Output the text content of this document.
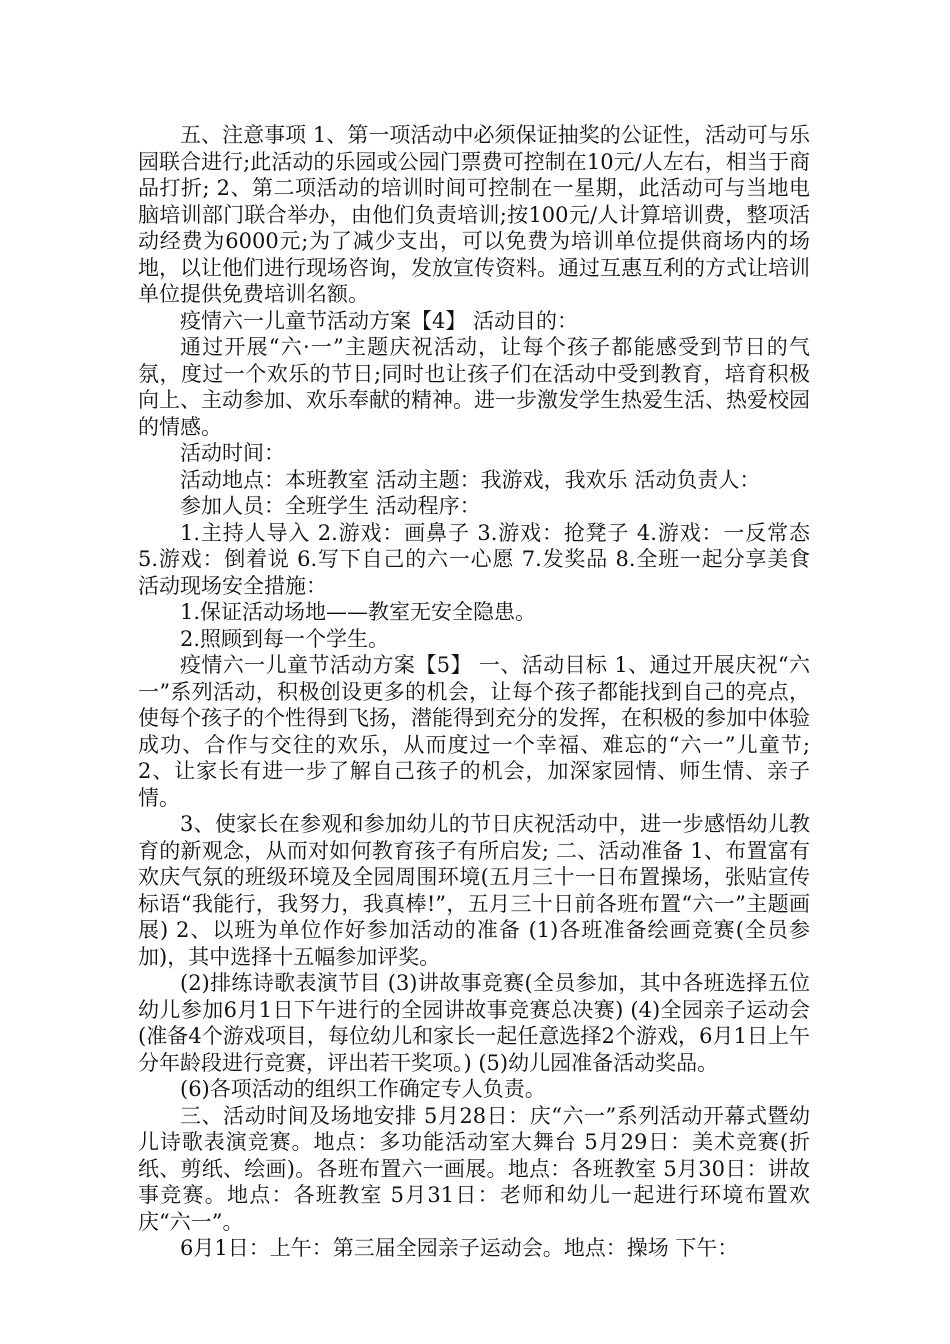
五、注意事项 1、第一项活动中必须保证抽奖的公证性，活动可与乐园联合进行;此活动的乐园或公园门票费可控制在10元/人左右，相当于商品打折; 2、第二项活动的培训时间可控制在一星期，此活动可与当地电脑培训部门联合举办，由他们负责培训;按100元/人计算培训费，整项活动经费为6000元;为了减少支出，可以免费为培训单位提供商场内的场地，以让他们进行现场咨询，发放宣传资料。通过互惠互利的方式让培训单位提供免费培训名额。

疫情六一儿童节活动方案【4】 活动目的：

通过开展“六·一”主题庆祝活动，让每个孩子都能感受到节日的气氛，度过一个欢乐的节日;同时也让孩子们在活动中受到教育，培育积极向上、主动参加、欢乐奉献的精神。进一步激发学生热爱生活、热爱校园的情感。

活动时间：

活动地点：本班教室 活动主题：我游戏，我欢乐 活动负责人：

参加人员：全班学生 活动程序：

1.主持人导入 2.游戏：画鼻子 3.游戏：抢凳子 4.游戏：一反常态 5.游戏：倒着说 6.写下自己的六一心愿 7.发奖品 8.全班一起分享美食 活动现场安全措施：

1.保证活动场地——教室无安全隐患。

2.照顾到每一个学生。

疫情六一儿童节活动方案【5】 一、活动目标 1、通过开展庆祝“六一”系列活动，积极创设更多的机会，让每个孩子都能找到自己的亮点，使每个孩子的个性得到飞扬，潜能得到充分的发挥，在积极的参加中体验成功、合作与交往的欢乐，从而度过一个幸福、难忘的“六一”儿童节; 2、让家长有进一步了解自己孩子的机会，加深家园情、师生情、亲子情。

3、使家长在参观和参加幼儿的节日庆祝活动中，进一步感悟幼儿教育的新观念，从而对如何教育孩子有所启发; 二、活动准备 1、布置富有欢庆气氛的班级环境及全园周围环境(五月三十一日布置操场，张贴宣传标语“我能行，我努力，我真棒!”，五月三十日前各班布置“六一”主题画展) 2、以班为单位作好参加活动的准备 (1)各班准备绘画竞赛(全员参加)，其中选择十五幅参加评奖。

(2)排练诗歌表演节目 (3)讲故事竞赛(全员参加，其中各班选择五位幼儿参加6月1日下午进行的全园讲故事竞赛总决赛) (4)全园亲子运动会(准备4个游戏项目，每位幼儿和家长一起任意选择2个游戏，6月1日上午分年龄段进行竞赛，评出若干奖项。) (5)幼儿园准备活动奖品。

(6)各项活动的组织工作确定专人负责。

三、活动时间及场地安排 5月28日：庆“六一”系列活动开幕式暨幼儿诗歌表演竞赛。地点：多功能活动室大舞台 5月29日：美术竞赛(折纸、剪纸、绘画)。各班布置六一画展。地点：各班教室 5月30日：讲故事竞赛。地点：各班教室 5月31日：老师和幼儿一起进行环境布置欢庆“六一”。

6月1日：上午：第三届全园亲子运动会。地点：操场 下午：
